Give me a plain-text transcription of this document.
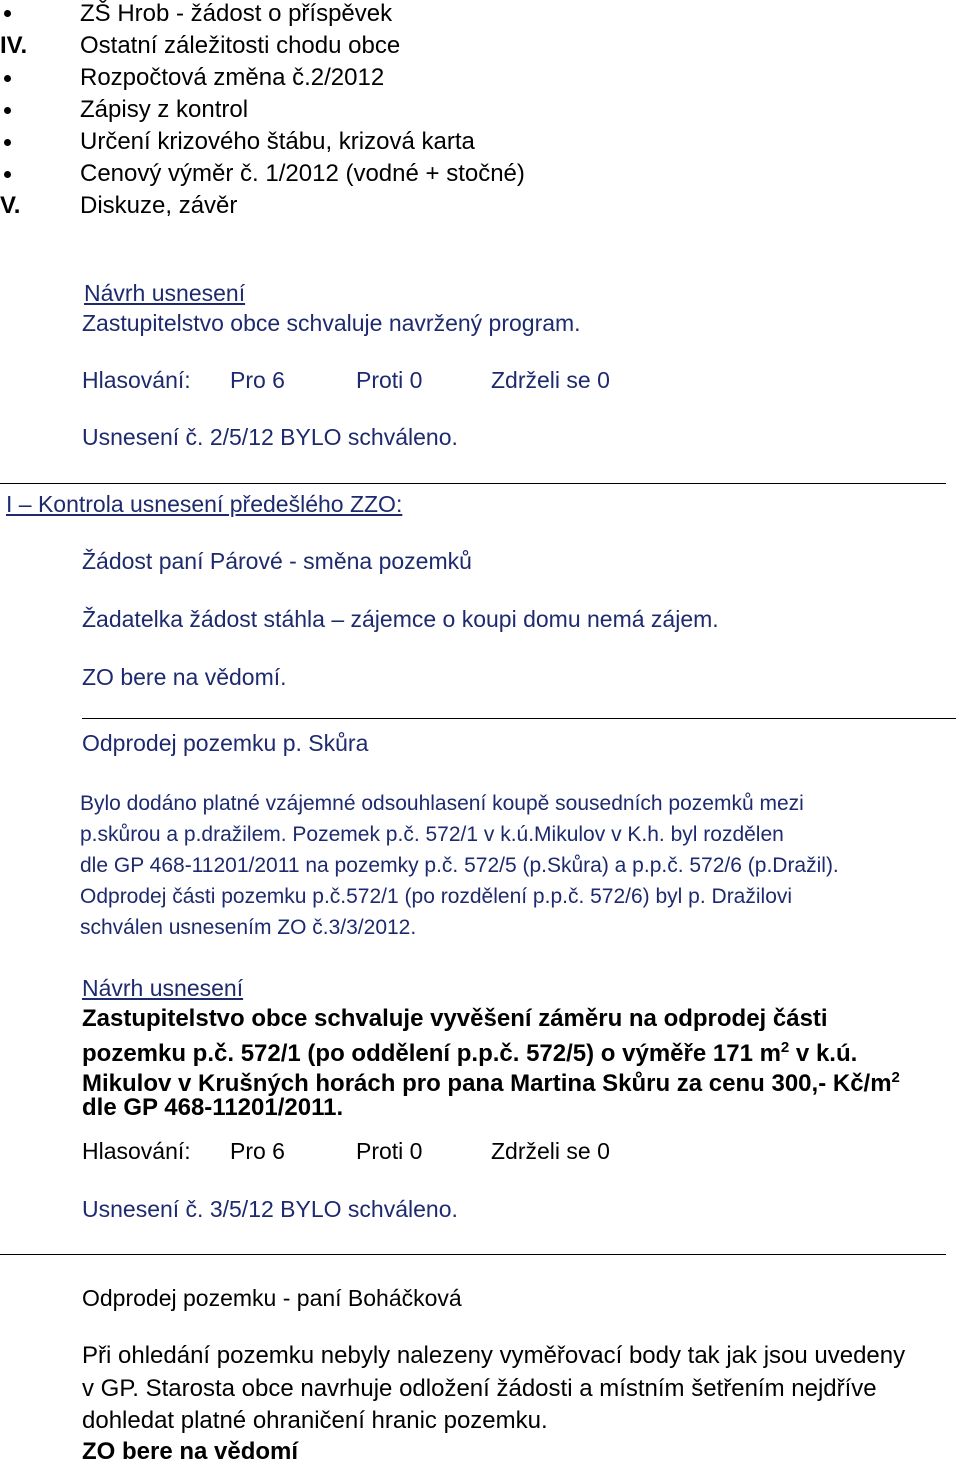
ZŠ Hrob - žádost o příspěvek
IV.	Ostatní záležitosti chodu obce
Rozpočtová změna č.2/2012
Zápisy z kontrol
Určení krizového štábu, krizová karta
Cenový výměr č. 1/2012 (vodné + stočné)
V.	Diskuze, závěr
Návrh usnesení
Zastupitelstvo obce schvaluje navržený program.
Hlasování: Pro 6	Proti 0	Zdrželi se 0
Usnesení č. 2/5/12 BYLO schváleno.
I – Kontrola usnesení předešlého ZZO:
Žádost paní Párové - směna pozemků
Žadatelka žádost stáhla – zájemce o koupi domu nemá zájem.
ZO bere na vědomí.
Odprodej pozemku p. Skůra
Bylo dodáno platné vzájemné odsouhlasení koupě sousedních pozemků mezi
p.skůrou a p.dražilem. Pozemek p.č. 572/1 v k.ú.Mikulov v K.h. byl rozdělen
dle GP 468-11201/2011 na pozemky p.č. 572/5 (p.Skůra) a p.p.č. 572/6 (p.Dražil).
Odprodej části pozemku p.č.572/1 (po rozdělení p.p.č. 572/6) byl p. Dražilovi
schválen usnesením ZO č.3/3/2012.
Návrh usnesení
Zastupitelstvo obce schvaluje vyvěšení záměru na odprodej části
pozemku p.č. 572/1 (po oddělení p.p.č. 572/5) o výměře 171 $m^2$ v k.ú.
Mikulov v Krušných horách pro pana Martina Skůru za cenu 300,- $Kč/m^2$
dle GP 468-11201/2011.
Hlasování: Pro 6	Proti 0	Zdrželi se 0
Usnesení č. 3/5/12 BYLO schváleno.
Odprodej pozemku - paní Boháčková
Při ohledání pozemku nebyly nalezeny vyměřovací body tak jak jsou uvedeny
v GP. Starosta obce navrhuje odložení žádosti a místním šetřením nejdříve
dohledat platné ohraničení hranic pozemku.
ZO bere na vědomí
